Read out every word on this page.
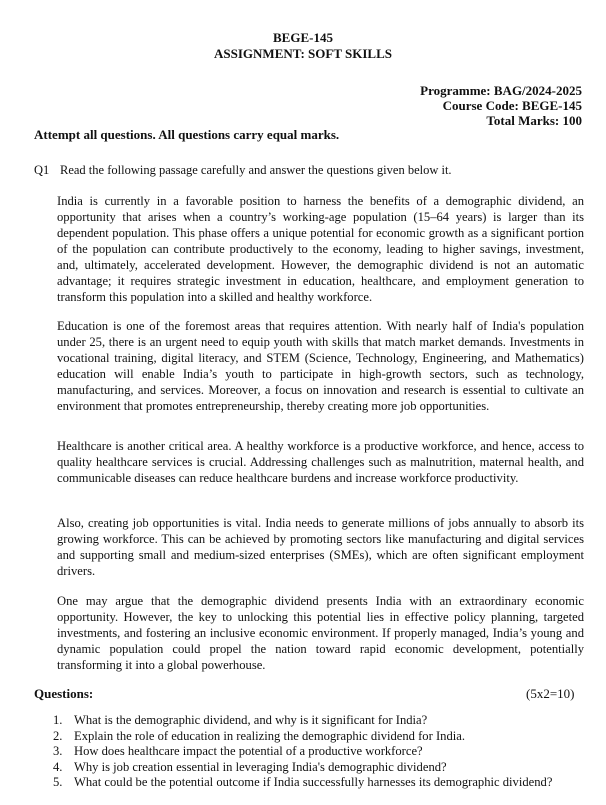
BEGE-145
ASSIGNMENT: SOFT SKILLS
Programme: BAG/2024-2025
Course Code: BEGE-145
Total Marks: 100
Attempt all questions. All questions carry equal marks.
Q1 Read the following passage carefully and answer the questions given below it.
India is currently in a favorable position to harness the benefits of a demographic dividend, an opportunity that arises when a country’s working-age population (15–64 years) is larger than its dependent population. This phase offers a unique potential for economic growth as a significant portion of the population can contribute productively to the economy, leading to higher savings, investment, and, ultimately, accelerated development. However, the demographic dividend is not an automatic advantage; it requires strategic investment in education, healthcare, and employment generation to transform this population into a skilled and healthy workforce.
Education is one of the foremost areas that requires attention. With nearly half of India's population under 25, there is an urgent need to equip youth with skills that match market demands. Investments in vocational training, digital literacy, and STEM (Science, Technology, Engineering, and Mathematics) education will enable India’s youth to participate in high-growth sectors, such as technology, manufacturing, and services. Moreover, a focus on innovation and research is essential to cultivate an environment that promotes entrepreneurship, thereby creating more job opportunities.
Healthcare is another critical area. A healthy workforce is a productive workforce, and hence, access to quality healthcare services is crucial. Addressing challenges such as malnutrition, maternal health, and communicable diseases can reduce healthcare burdens and increase workforce productivity.
Also, creating job opportunities is vital. India needs to generate millions of jobs annually to absorb its growing workforce. This can be achieved by promoting sectors like manufacturing and digital services and supporting small and medium-sized enterprises (SMEs), which are often significant employment drivers.
One may argue that the demographic dividend presents India with an extraordinary economic opportunity. However, the key to unlocking this potential lies in effective policy planning, targeted investments, and fostering an inclusive economic environment. If properly managed, India’s young and dynamic population could propel the nation toward rapid economic development, potentially transforming it into a global powerhouse.
Questions:	(5x2=10)
1. What is the demographic dividend, and why is it significant for India?
2. Explain the role of education in realizing the demographic dividend for India.
3. How does healthcare impact the potential of a productive workforce?
4. Why is job creation essential in leveraging India's demographic dividend?
5. What could be the potential outcome if India successfully harnesses its demographic dividend?
